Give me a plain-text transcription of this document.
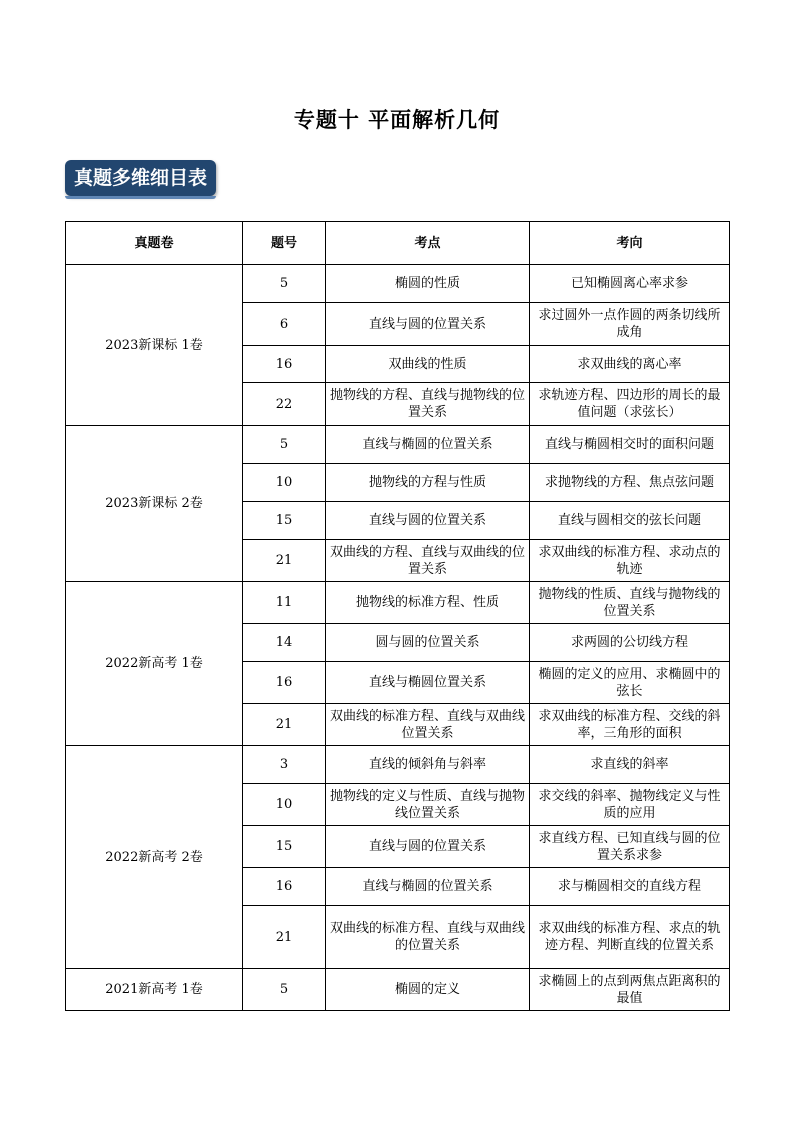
专题十 平面解析几何
真题多维细目表
真题卷	题号	考点	考向
2023新课标 1卷	5	椭圆的性质	已知椭圆离心率求参
	6	直线与圆的位置关系	求过圆外一点作圆的两条切线所成角
	16	双曲线的性质	求双曲线的离心率
	22	抛物线的方程、直线与抛物线的位置关系	求轨迹方程、四边形的周长的最值问题（求弦长）
2023新课标 2卷	5	直线与椭圆的位置关系	直线与椭圆相交时的面积问题
	10	抛物线的方程与性质	求抛物线的方程、焦点弦问题
	15	直线与圆的位置关系	直线与圆相交的弦长问题
	21	双曲线的方程、直线与双曲线的位置关系	求双曲线的标准方程、求动点的轨迹
2022新高考 1卷	11	抛物线的标准方程、性质	抛物线的性质、直线与抛物线的位置关系
	14	圆与圆的位置关系	求两圆的公切线方程
	16	直线与椭圆位置关系	椭圆的定义的应用、求椭圆中的弦长
	21	双曲线的标准方程、直线与双曲线位置关系	求双曲线的标准方程、交线的斜率，三角形的面积
2022新高考 2卷	3	直线的倾斜角与斜率	求直线的斜率
	10	抛物线的定义与性质、直线与抛物线位置关系	求交线的斜率、抛物线定义与性质的应用
	15	直线与圆的位置关系	求直线方程、已知直线与圆的位置关系求参
	16	直线与椭圆的位置关系	求与椭圆相交的直线方程
	21	双曲线的标准方程、直线与双曲线的位置关系	求双曲线的标准方程、求点的轨迹方程、判断直线的位置关系
2021新高考 1卷	5	椭圆的定义	求椭圆上的点到两焦点距离积的最值
